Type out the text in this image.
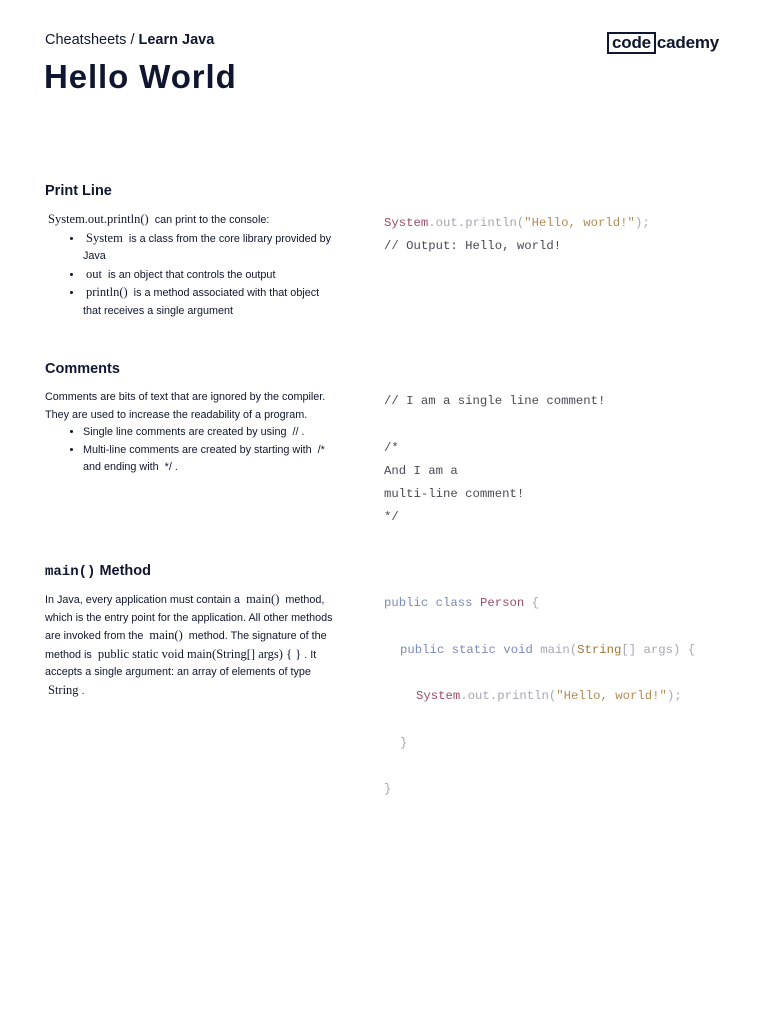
Cheatsheets / Learn Java	code cademy
Hello World
Print Line

System.out.println() can print to the console:

• System is a class from the core library provided by Java
• out is an object that controls the output
• println() is a method associated with that object that receives a single argument

System.out.println("Hello, world!");

// Output: Hello, world!

Comments

Comments are bits of text that are ignored by the compiler. They are used to increase the readability of a program.

• Single line comments are created by using // .
• Multi-line comments are created by starting with /* and ending with */ .

// I am a single line comment!

/*

And I am a

multi-line comment!

*/

main() Method

In Java, every application must contain a main() method, which is the entry point for the application. All other methods are invoked from the main() method. The signature of the method is public static void main(String[] args) { } . It accepts a single argument: an array of elements of type String .

public class Person {

public static void main(String[] args) {

System.out.println("Hello, world!");

}

}
